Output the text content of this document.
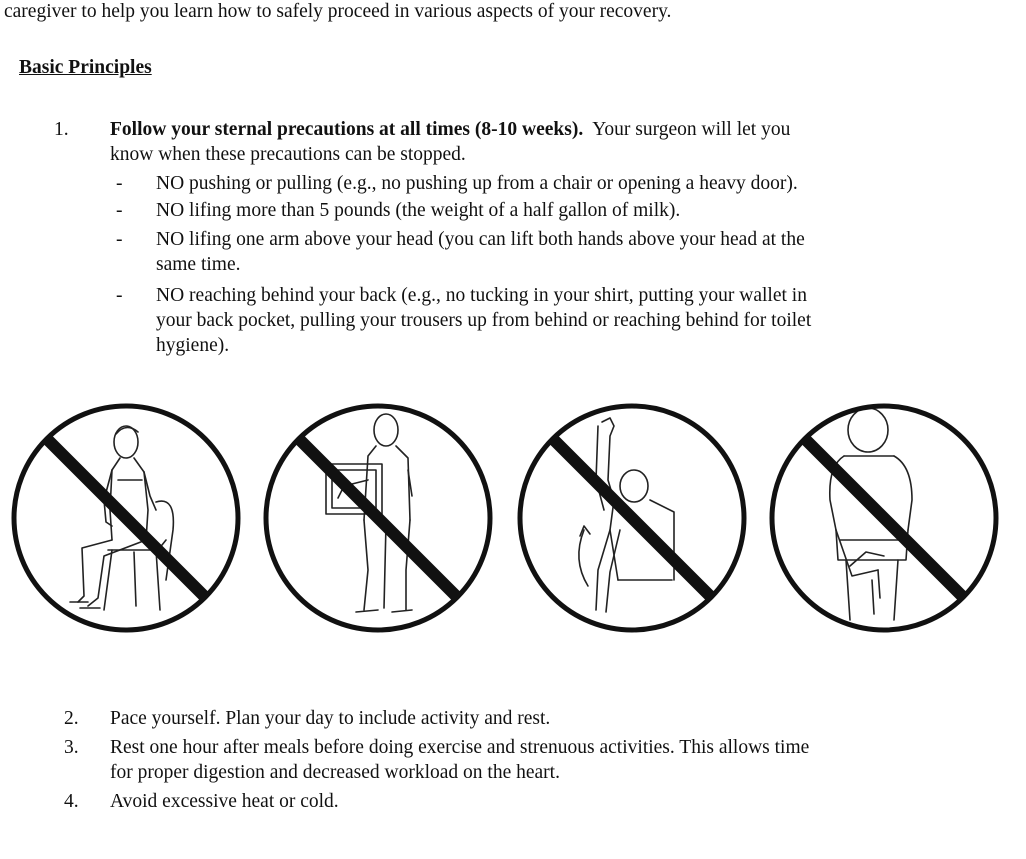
caregiver to help you learn how to safely proceed in various aspects of your recovery.
Basic Principles
1.	Follow your sternal precautions at all times (8-10 weeks). Your surgeon will let you
know when these precautions can be stopped.
- NO pushing or pulling (e.g., no pushing up from a chair or opening a heavy door).
- NO lifing more than 5 pounds (the weight of a half gallon of milk).
- NO lifing one arm above your head (you can lift both hands above your head at the
same time.
- NO reaching behind your back (e.g., no tucking in your shirt, putting your wallet in
your back pocket, pulling your trousers up from behind or reaching behind for toilet
hygiene).
2.	Pace yourself. Plan your day to include activity and rest.
3.	Rest one hour after meals before doing exercise and strenuous activities. This allows time
for proper digestion and decreased workload on the heart.
4.	Avoid excessive heat or cold.
